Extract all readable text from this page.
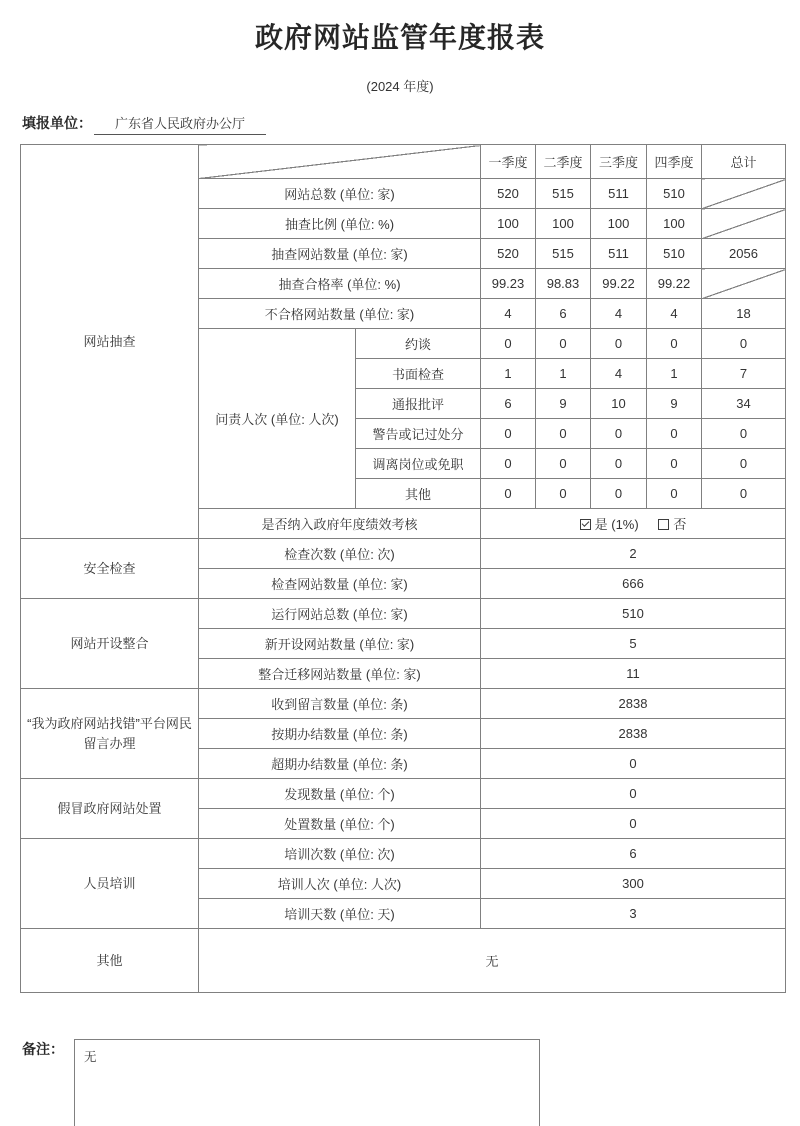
政府网站监管年度报表
(2024 年度)
填报单位： 广东省人民政府办公厅
网站抽查			一季度	二季度	三季度	四季度	总计
	网站总数 (单位: 家)		520	515	511	510	
	抽查比例 (单位: %)		100	100	100	100	
	抽查网站数量 (单位: 家)		520	515	511	510	2056
	抽查合格率 (单位: %)		99.23	98.83	99.22	99.22	
	不合格网站数量 (单位: 家)		4	6	4	4	18
	问责人次 (单位: 人次)	约谈	0	0	0	0	0
		书面检查	1	1	4	1	7
		通报批评	6	9	10	9	34
		警告或记过处分	0	0	0	0	0
		调离岗位或免职	0	0	0	0	0
		其他	0	0	0	0	0
	是否纳入政府年度绩效考核		是 (1%) 否				
安全检查	检查次数 (单位: 次)		2				
	检查网站数量 (单位: 家)		666				
网站开设整合	运行网站总数 (单位: 家)		510				
	新开设网站数量 (单位: 家)		5				
	整合迁移网站数量 (单位: 家)		11				
“我为政府网站找错”平台网民留言办理	收到留言数量 (单位: 条)		2838				
	按期办结数量 (单位: 条)		2838				
	超期办结数量 (单位: 条)		0				
假冒政府网站处置	发现数量 (单位: 个)		0				
	处置数量 (单位: 个)		0				
人员培训	培训次数 (单位: 次)		6				
	培训人次 (单位: 人次)		300				
	培训天数 (单位: 天)		3				
其他	无						
备注：	无
